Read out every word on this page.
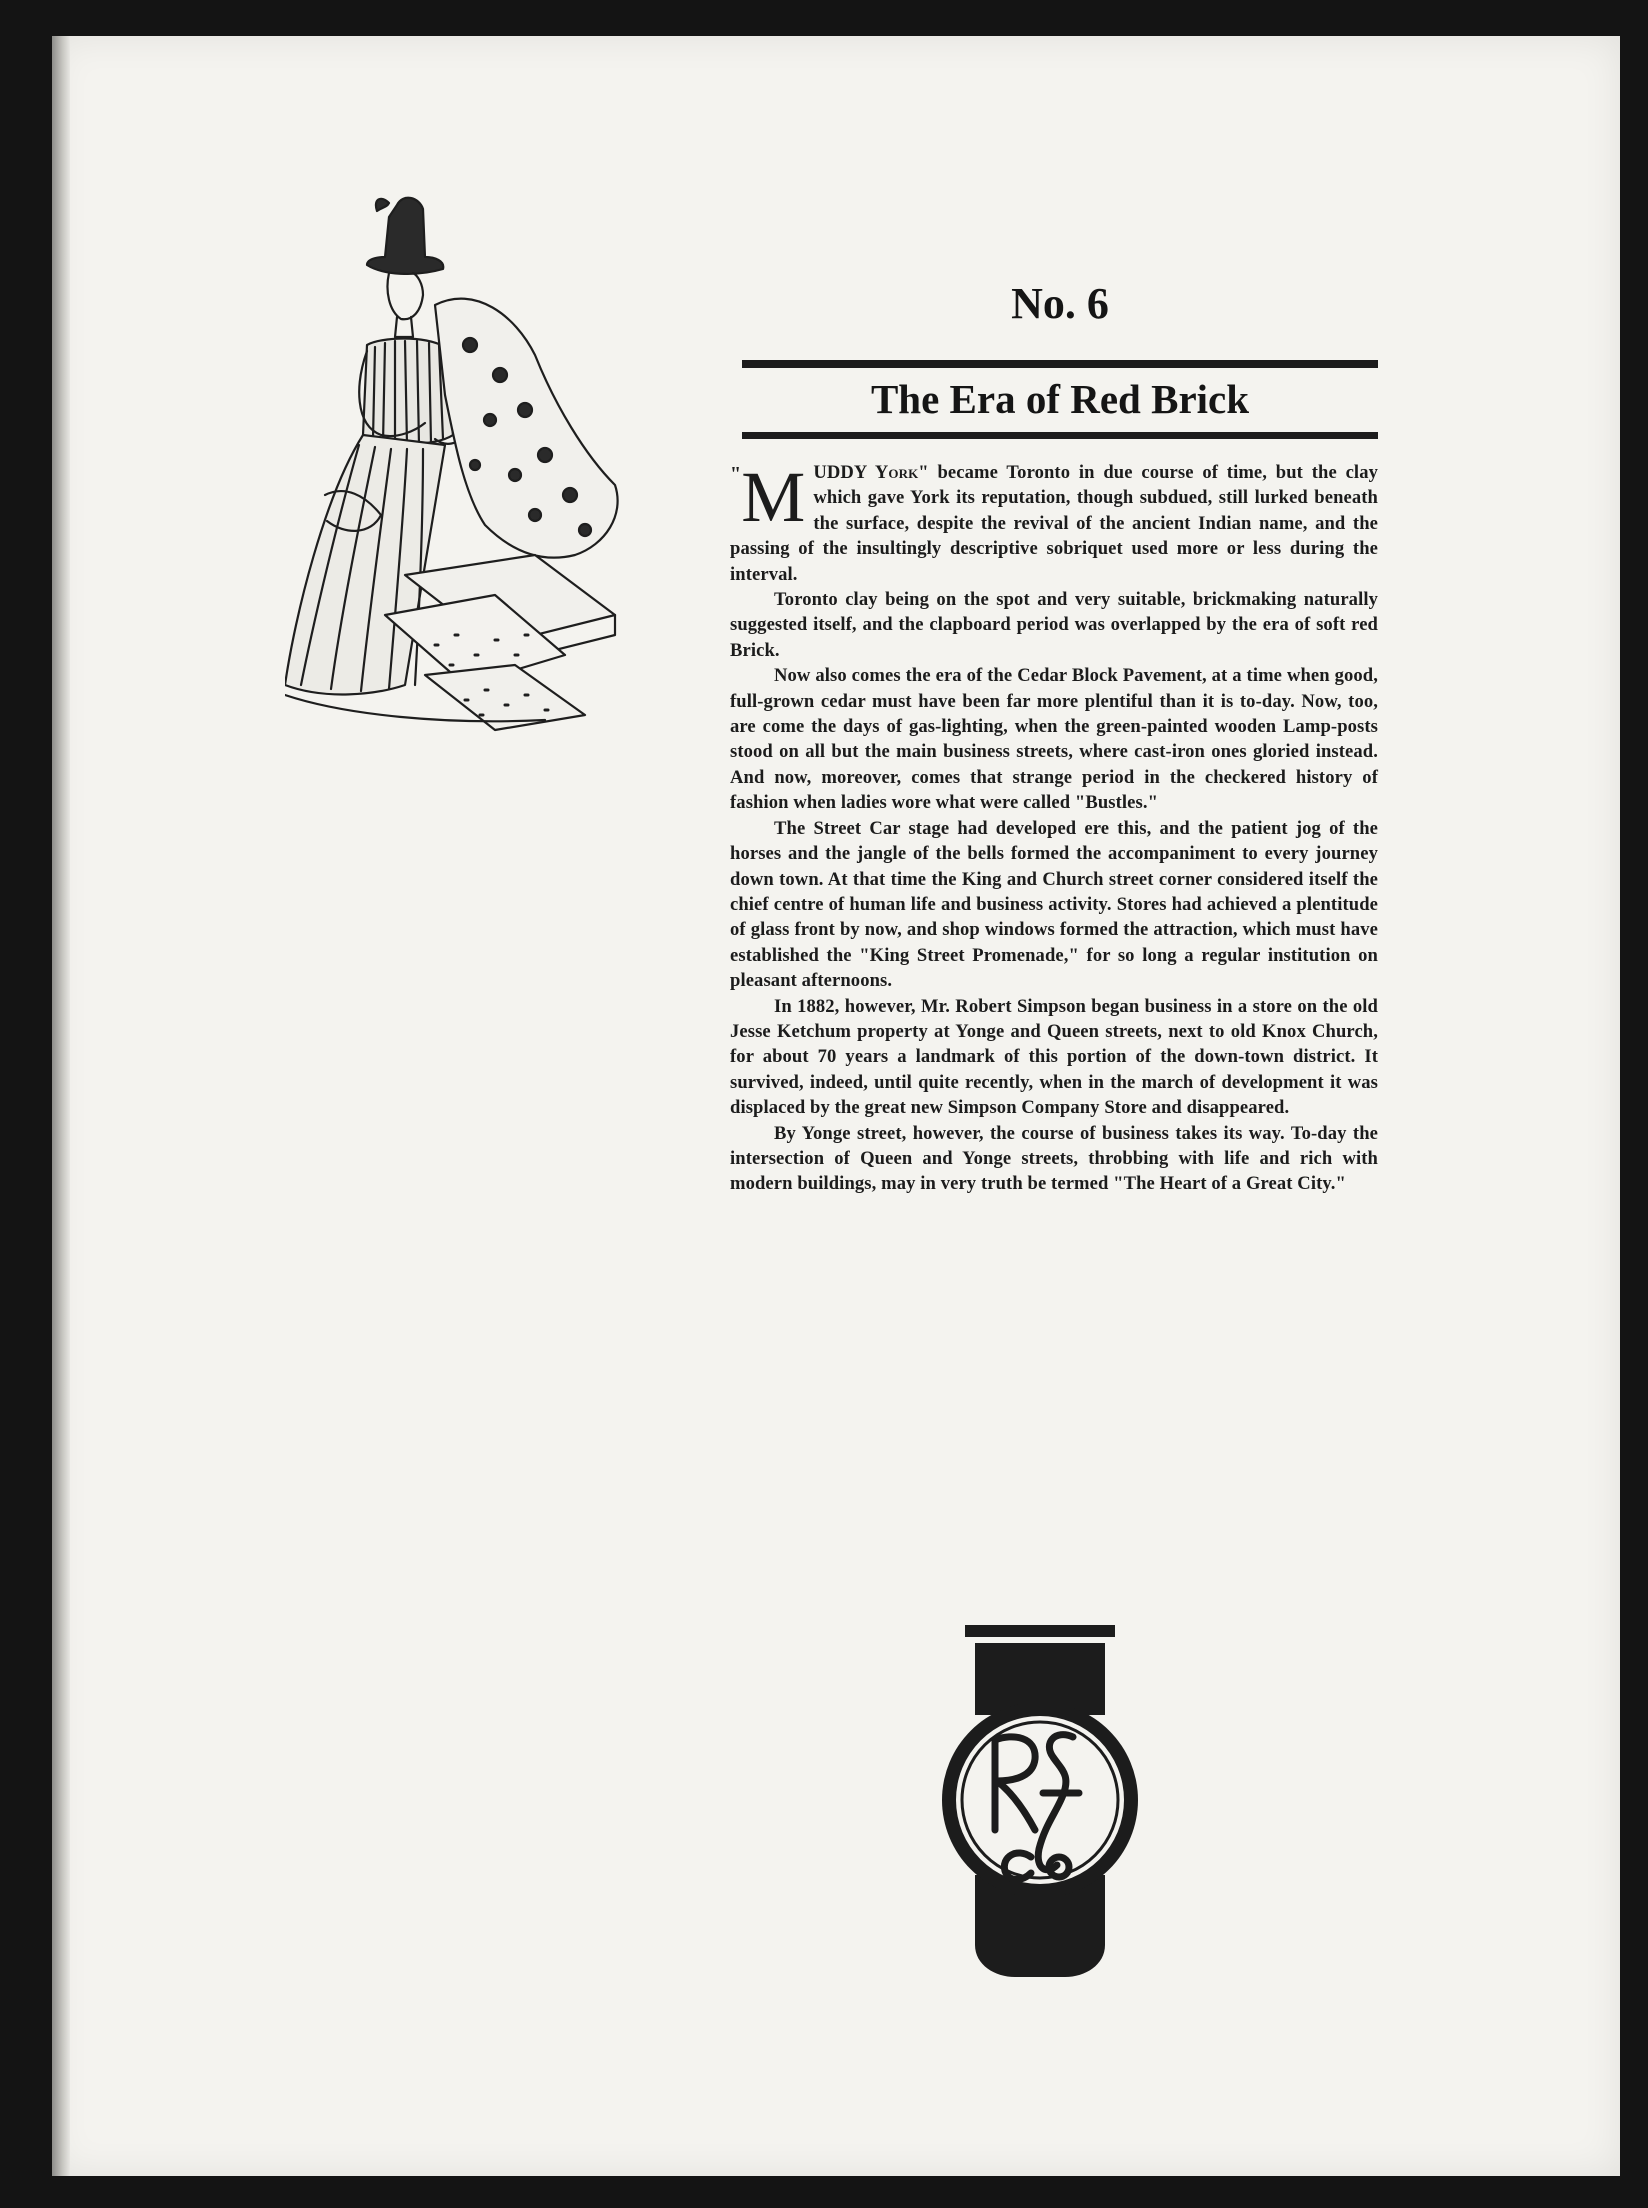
No. 6
The Era of Red Brick

" M UDDY York" became Toronto in due course of time, but the clay which gave York its reputation, though subdued, still lurked beneath the surface, despite the revival of the ancient Indian name, and the passing of the insultingly descriptive sobriquet used more or less during the interval.

Toronto clay being on the spot and very suitable, brickmaking naturally suggested itself, and the clapboard period was overlapped by the era of soft red Brick.

Now also comes the era of the Cedar Block Pavement, at a time when good, full-grown cedar must have been far more plentiful than it is to-day. Now, too, are come the days of gas-lighting, when the green-painted wooden Lamp-posts stood on all but the main business streets, where cast-iron ones gloried instead. And now, moreover, comes that strange period in the checkered history of fashion when ladies wore what were called "Bustles."

The Street Car stage had developed ere this, and the patient jog of the horses and the jangle of the bells formed the accompaniment to every journey down town. At that time the King and Church street corner considered itself the chief centre of human life and business activity. Stores had achieved a plentitude of glass front by now, and shop windows formed the attraction, which must have established the "King Street Promenade," for so long a regular institution on pleasant afternoons.

In 1882, however, Mr. Robert Simpson began business in a store on the old Jesse Ketchum property at Yonge and Queen streets, next to old Knox Church, for about 70 years a landmark of this portion of the down-town district. It survived, indeed, until quite recently, when in the march of development it was displaced by the great new Simpson Company Store and disappeared.

By Yonge street, however, the course of business takes its way. To-day the intersection of Queen and Yonge streets, throbbing with life and rich with modern buildings, may in very truth be termed "The Heart of a Great City."
